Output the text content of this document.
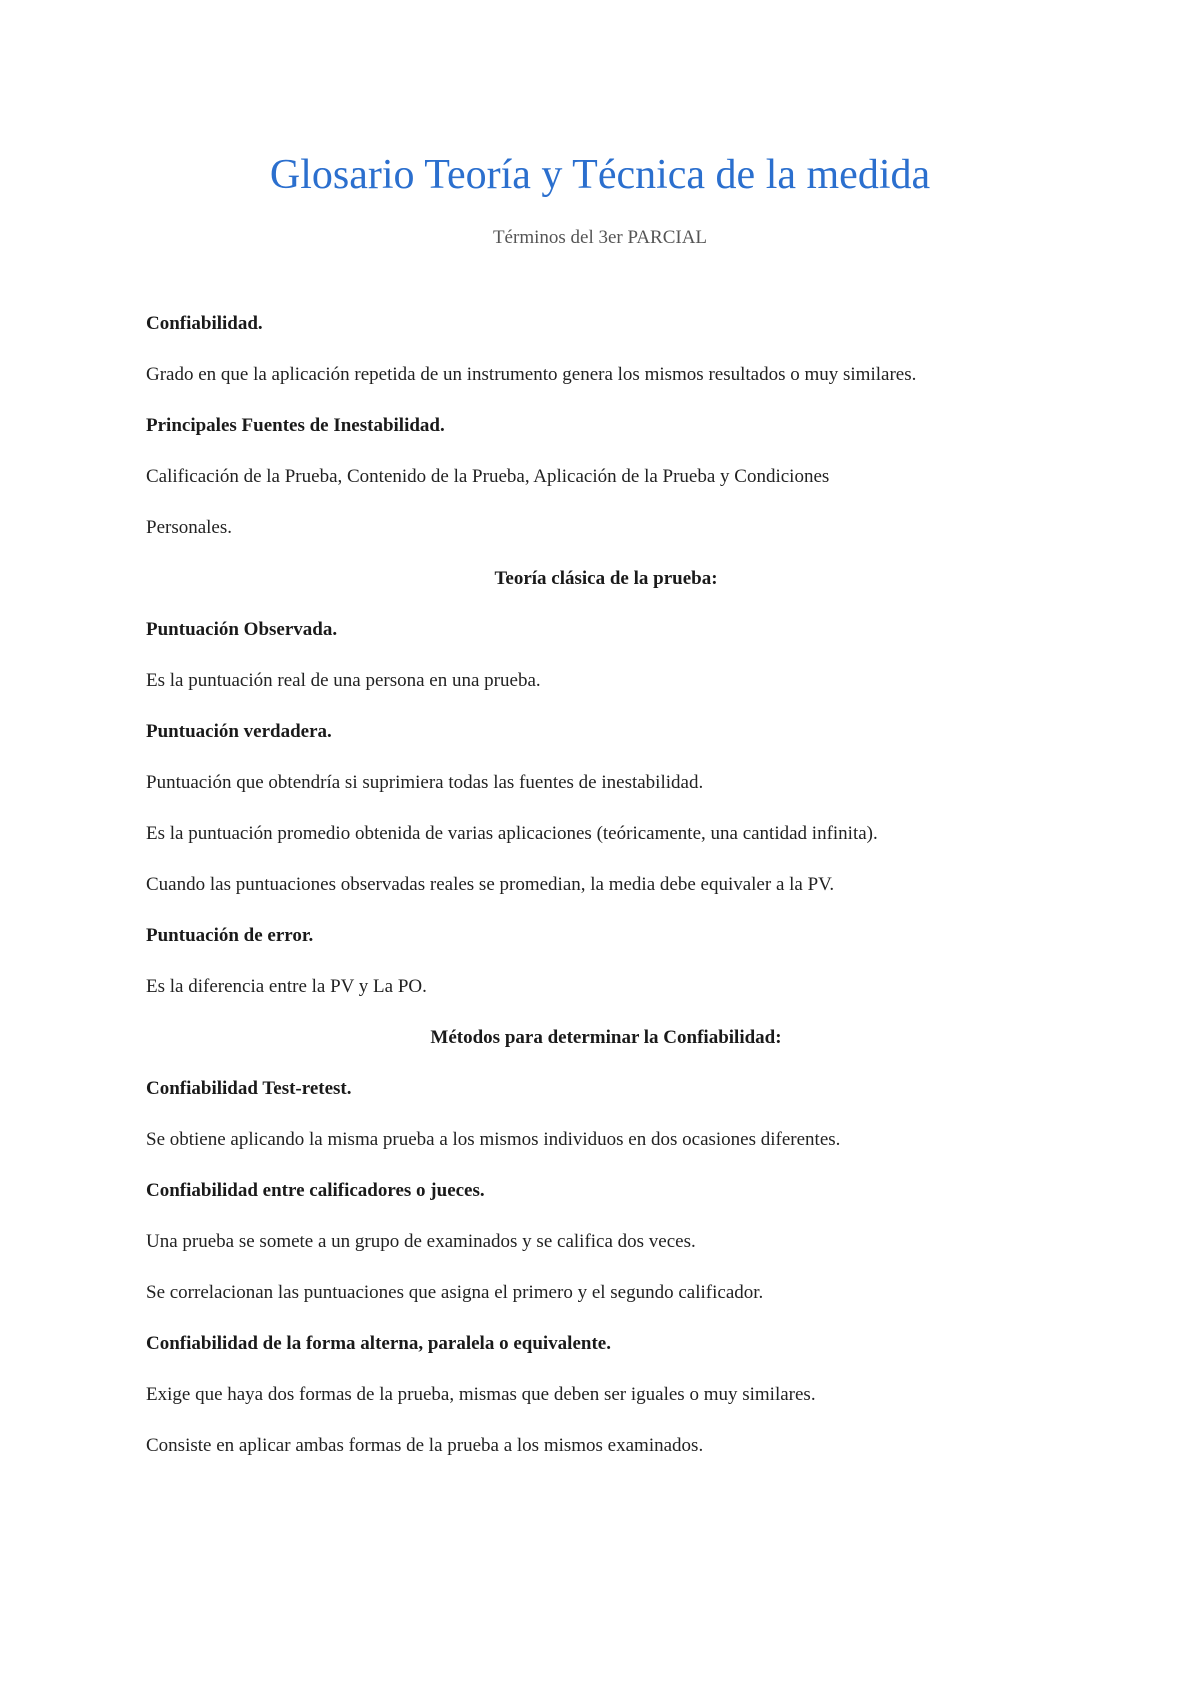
Glosario Teoría y Técnica de la medida

Términos del 3er PARCIAL

Confiabilidad.

Grado en que la aplicación repetida de un instrumento genera los mismos resultados o muy similares.

Principales Fuentes de Inestabilidad.

Calificación de la Prueba, Contenido de la Prueba, Aplicación de la Prueba y Condiciones

Personales.

Teoría clásica de la prueba:

Puntuación Observada.

Es la puntuación real de una persona en una prueba.

Puntuación verdadera.

Puntuación que obtendría si suprimiera todas las fuentes de inestabilidad.

Es la puntuación promedio obtenida de varias aplicaciones (teóricamente, una cantidad infinita).

Cuando las puntuaciones observadas reales se promedian, la media debe equivaler a la PV.

Puntuación de error.

Es la diferencia entre la PV y La PO.

Métodos para determinar la Confiabilidad:

Confiabilidad Test-retest.

Se obtiene aplicando la misma prueba a los mismos individuos en dos ocasiones diferentes.

Confiabilidad entre calificadores o jueces.

Una prueba se somete a un grupo de examinados y se califica dos veces.

Se correlacionan las puntuaciones que asigna el primero y el segundo calificador.

Confiabilidad de la forma alterna, paralela o equivalente.

Exige que haya dos formas de la prueba, mismas que deben ser iguales o muy similares.

Consiste en aplicar ambas formas de la prueba a los mismos examinados.
